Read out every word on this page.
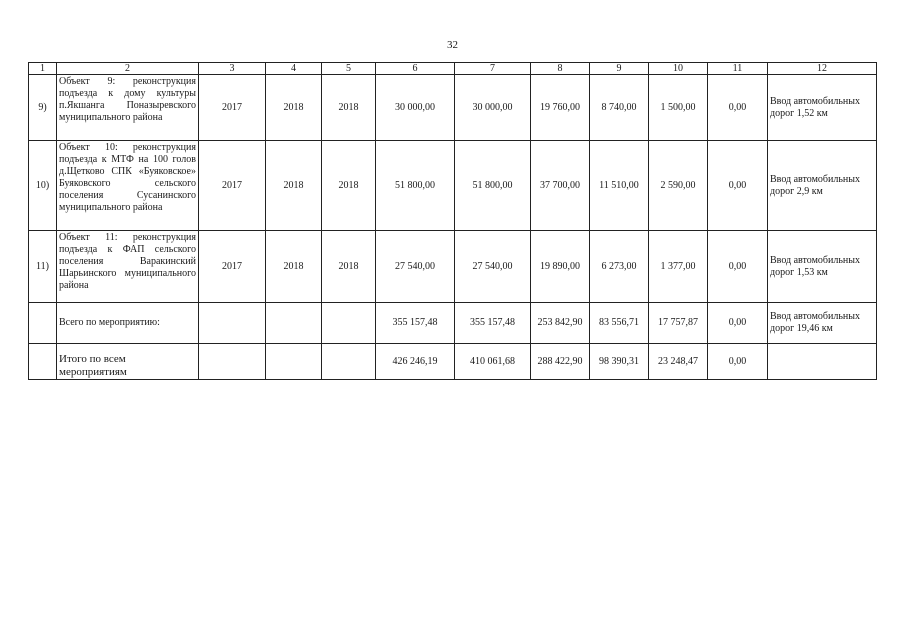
32
1	2	3	4	5	6	7	8	9	10	11	12
9)	Объект 9: реконструкция подъезда к дому культуры п.Якшанга Поназыревского муниципального района	2017	2018	2018	30 000,00	30 000,00	19 760,00	8 740,00	1 500,00	0,00	Ввод автомобильных дорог 1,52 км
10)	Объект 10: реконструкция подъезда к МТФ на 100 голов д.Щетково СПК «Буяковское» Буяковского сельского поселения Сусанинского муниципального района	2017	2018	2018	51 800,00	51 800,00	37 700,00	11 510,00	2 590,00	0,00	Ввод автомобильных дорог 2,9 км
11)	Объект 11: реконструкция подъезда к ФАП сельского поселения Варакинский Шарьинского муниципального района	2017	2018	2018	27 540,00	27 540,00	19 890,00	6 273,00	1 377,00	0,00	Ввод автомобильных дорог 1,53 км
	Всего по мероприятию:				355 157,48	355 157,48	253 842,90	83 556,71	17 757,87	0,00	Ввод автомобильных дорог 19,46 км
	Итого по всем мероприятиям				426 246,19	410 061,68	288 422,90	98 390,31	23 248,47	0,00	
